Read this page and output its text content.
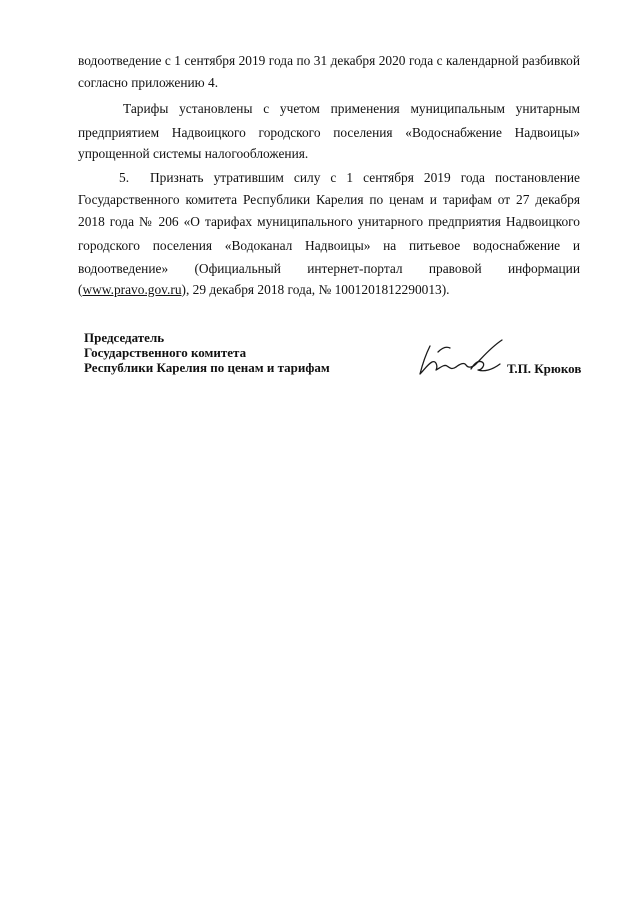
водоотведение с 1 сентября 2019 года по 31 декабря 2020 года с календарной разбивкой
согласно приложению 4.
Тарифы установлены с учетом применения муниципальным унитарным
предприятием Надвоицкого городского поселения «Водоснабжение Надвоицы»
упрощенной системы налогообложения.
5. Признать утратившим силу с 1 сентября 2019 года постановление
Государственного комитета Республики Карелия по ценам и тарифам от 27 декабря
2018 года № 206 «О тарифах муниципального унитарного предприятия Надвоицкого
городского поселения «Водоканал Надвоицы» на питьевое водоснабжение и
водоотведение» (Официальный интернет-портал правовой информации
(www.pravo.gov.ru), 29 декабря 2018 года, № 1001201812290013).
Председатель
Государственного комитета
Республики Карелия по ценам и тарифам	Т.П. Крюков
